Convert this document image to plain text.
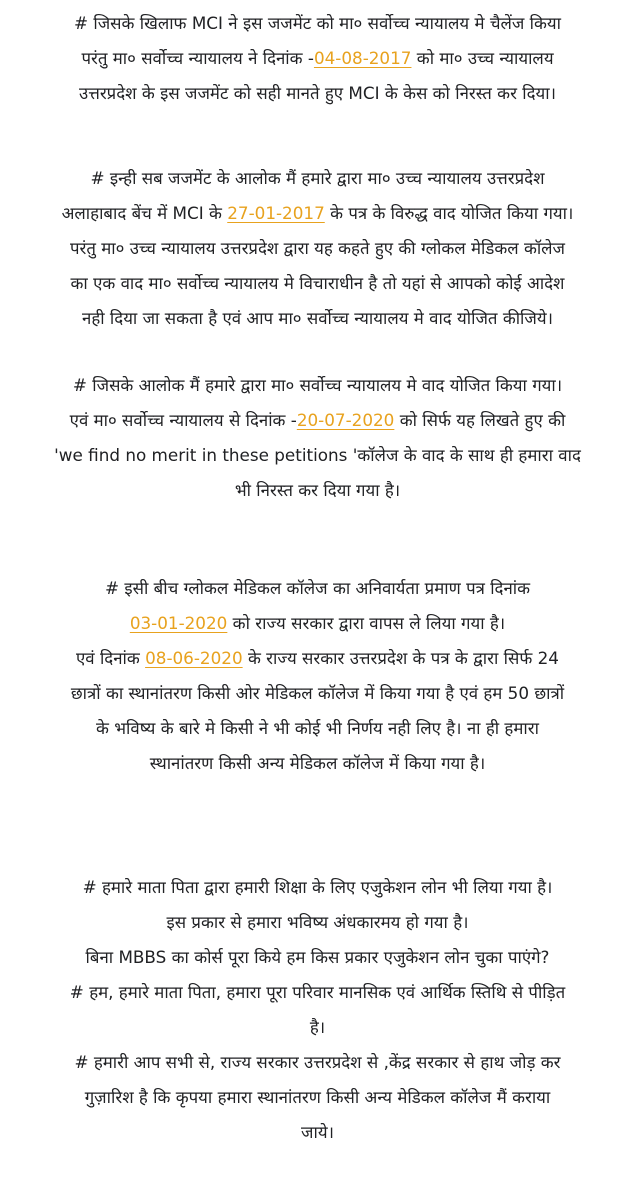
# जिसके खिलाफ MCI ने इस जजमेंट को मा० सर्वोच्च न्यायालय मे चैलेंज किया
परंतु मा० सर्वोच्च न्यायालय ने दिनांक -04-08-2017 को मा० उच्च न्यायालय
उत्तरप्रदेश के इस जजमेंट को सही मानते हुए MCI के केस को निरस्त कर दिया।

# इन्ही सब जजमेंट के आलोक मैं हमारे द्वारा मा० उच्च न्यायालय उत्तरप्रदेश
अलाहाबाद बेंच में MCI के 27-01-2017 के पत्र के विरुद्ध वाद योजित किया गया।
परंतु मा० उच्च न्यायालय उत्तरप्रदेश द्वारा यह कहते हुए की ग्लोकल मेडिकल कॉलेज
का एक वाद मा० सर्वोच्च न्यायालय मे विचाराधीन है तो यहां से आपको कोई आदेश
नही दिया जा सकता है एवं आप मा० सर्वोच्च न्यायालय मे वाद योजित कीजिये।

# जिसके आलोक मैं हमारे द्वारा मा० सर्वोच्च न्यायालय मे वाद योजित किया गया।
एवं मा० सर्वोच्च न्यायालय से दिनांक -20-07-2020 को सिर्फ यह लिखते हुए की
'we find no merit in these petitions 'कॉलेज के वाद के साथ ही हमारा वाद
भी निरस्त कर दिया गया है।

# इसी बीच ग्लोकल मेडिकल कॉलेज का अनिवार्यता प्रमाण पत्र दिनांक
03-01-2020 को राज्य सरकार द्वारा वापस ले लिया गया है।
एवं दिनांक 08-06-2020 के राज्य सरकार उत्तरप्रदेश के पत्र के द्वारा सिर्फ 24
छात्रों का स्थानांतरण किसी ओर मेडिकल कॉलेज में किया गया है एवं हम 50 छात्रों
के भविष्य के बारे मे किसी ने भी कोई भी निर्णय नही लिए है। ना ही हमारा
स्थानांतरण किसी अन्य मेडिकल कॉलेज में किया गया है।

# हमारे माता पिता द्वारा हमारी शिक्षा के लिए एजुकेशन लोन भी लिया गया है।
इस प्रकार से हमारा भविष्य अंधकारमय हो गया है।
बिना MBBS का कोर्स पूरा किये हम किस प्रकार एजुकेशन लोन चुका पाएंगे?
# हम, हमारे माता पिता, हमारा पूरा परिवार मानसिक एवं आर्थिक स्तिथि से पीड़ित
है।
# हमारी आप सभी से, राज्य सरकार उत्तरप्रदेश से ,केंद्र सरकार से हाथ जोड़ कर
गुज़ारिश है कि कृपया हमारा स्थानांतरण किसी अन्य मेडिकल कॉलेज मैं कराया
जाये।
